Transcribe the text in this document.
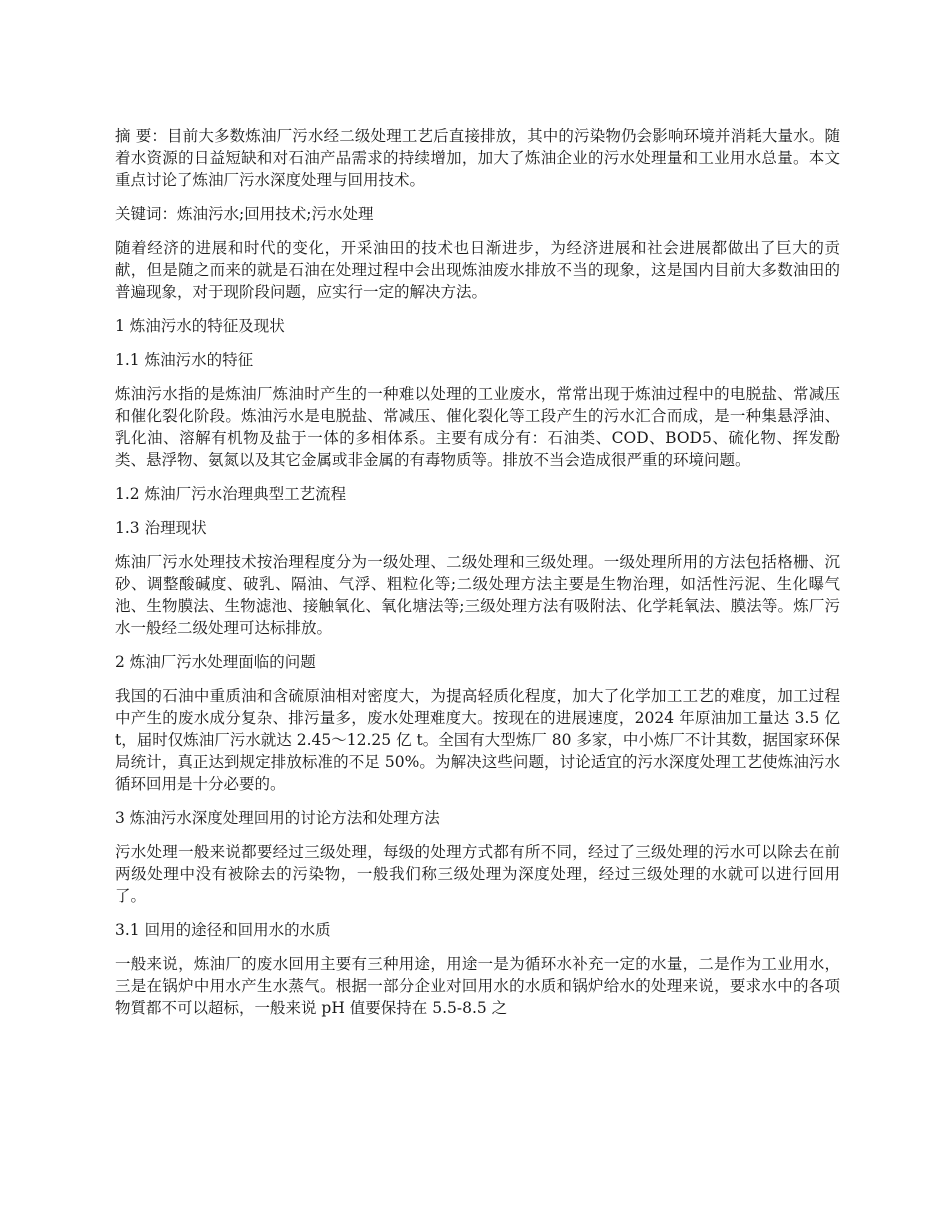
摘 要：目前大多数炼油厂污水经二级处理工艺后直接排放，其中的污染物仍会影响环境并消耗大量水。随着水资源的日益短缺和对石油产品需求的持续增加，加大了炼油企业的污水处理量和工业用水总量。本文重点讨论了炼油厂污水深度处理与回用技术。

关键词：炼油污水;回用技术;污水处理

随着经济的进展和时代的变化，开采油田的技术也日渐进步，为经济进展和社会进展都做出了巨大的贡献，但是随之而来的就是石油在处理过程中会出现炼油废水排放不当的现象，这是国内目前大多数油田的普遍现象，对于现阶段问题，应实行一定的解决方法。

1 炼油污水的特征及现状

1.1 炼油污水的特征

炼油污水指的是炼油厂炼油时产生的一种难以处理的工业废水，常常出现于炼油过程中的电脱盐、常减压和催化裂化阶段。炼油污水是电脱盐、常减压、催化裂化等工段产生的污水汇合而成，是一种集悬浮油、乳化油、溶解有机物及盐于一体的多相体系。主要有成分有：石油类、COD、BOD5、硫化物、挥发酚类、悬浮物、氨氮以及其它金属或非金属的有毒物质等。排放不当会造成很严重的环境问题。

1.2 炼油厂污水治理典型工艺流程

1.3 治理现状

炼油厂污水处理技术按治理程度分为一级处理、二级处理和三级处理。一级处理所用的方法包括格栅、沉砂、调整酸碱度、破乳、隔油、气浮、粗粒化等;二级处理方法主要是生物治理，如活性污泥、生化曝气池、生物膜法、生物滤池、接触氧化、氧化塘法等;三级处理方法有吸附法、化学耗氧法、膜法等。炼厂污水一般经二级处理可达标排放。

2 炼油厂污水处理面临的问题

我国的石油中重质油和含硫原油相对密度大，为提高轻质化程度，加大了化学加工工艺的难度，加工过程中产生的废水成分复杂、排污量多，废水处理难度大。按现在的进展速度，2024 年原油加工量达 3.5 亿 t，届时仅炼油厂污水就达 2.45～12.25 亿 t。全国有大型炼厂 80 多家，中小炼厂不计其数，据国家环保局统计，真正达到规定排放标准的不足 50%。为解决这些问题，讨论适宜的污水深度处理工艺使炼油污水循环回用是十分必要的。

3 炼油污水深度处理回用的讨论方法和处理方法

污水处理一般来说都要经过三级处理，每级的处理方式都有所不同，经过了三级处理的污水可以除去在前两级处理中没有被除去的污染物，一般我们称三级处理为深度处理，经过三级处理的水就可以进行回用了。

3.1 回用的途径和回用水的水质

一般来说，炼油厂的废水回用主要有三种用途，用途一是为循环水补充一定的水量，二是作为工业用水，三是在锅炉中用水产生水蒸气。根据一部分企业对回用水的水质和锅炉给水的处理来说，要求水中的各项物質都不可以超标，一般来说 pH 值要保持在 5.5-8.5 之
